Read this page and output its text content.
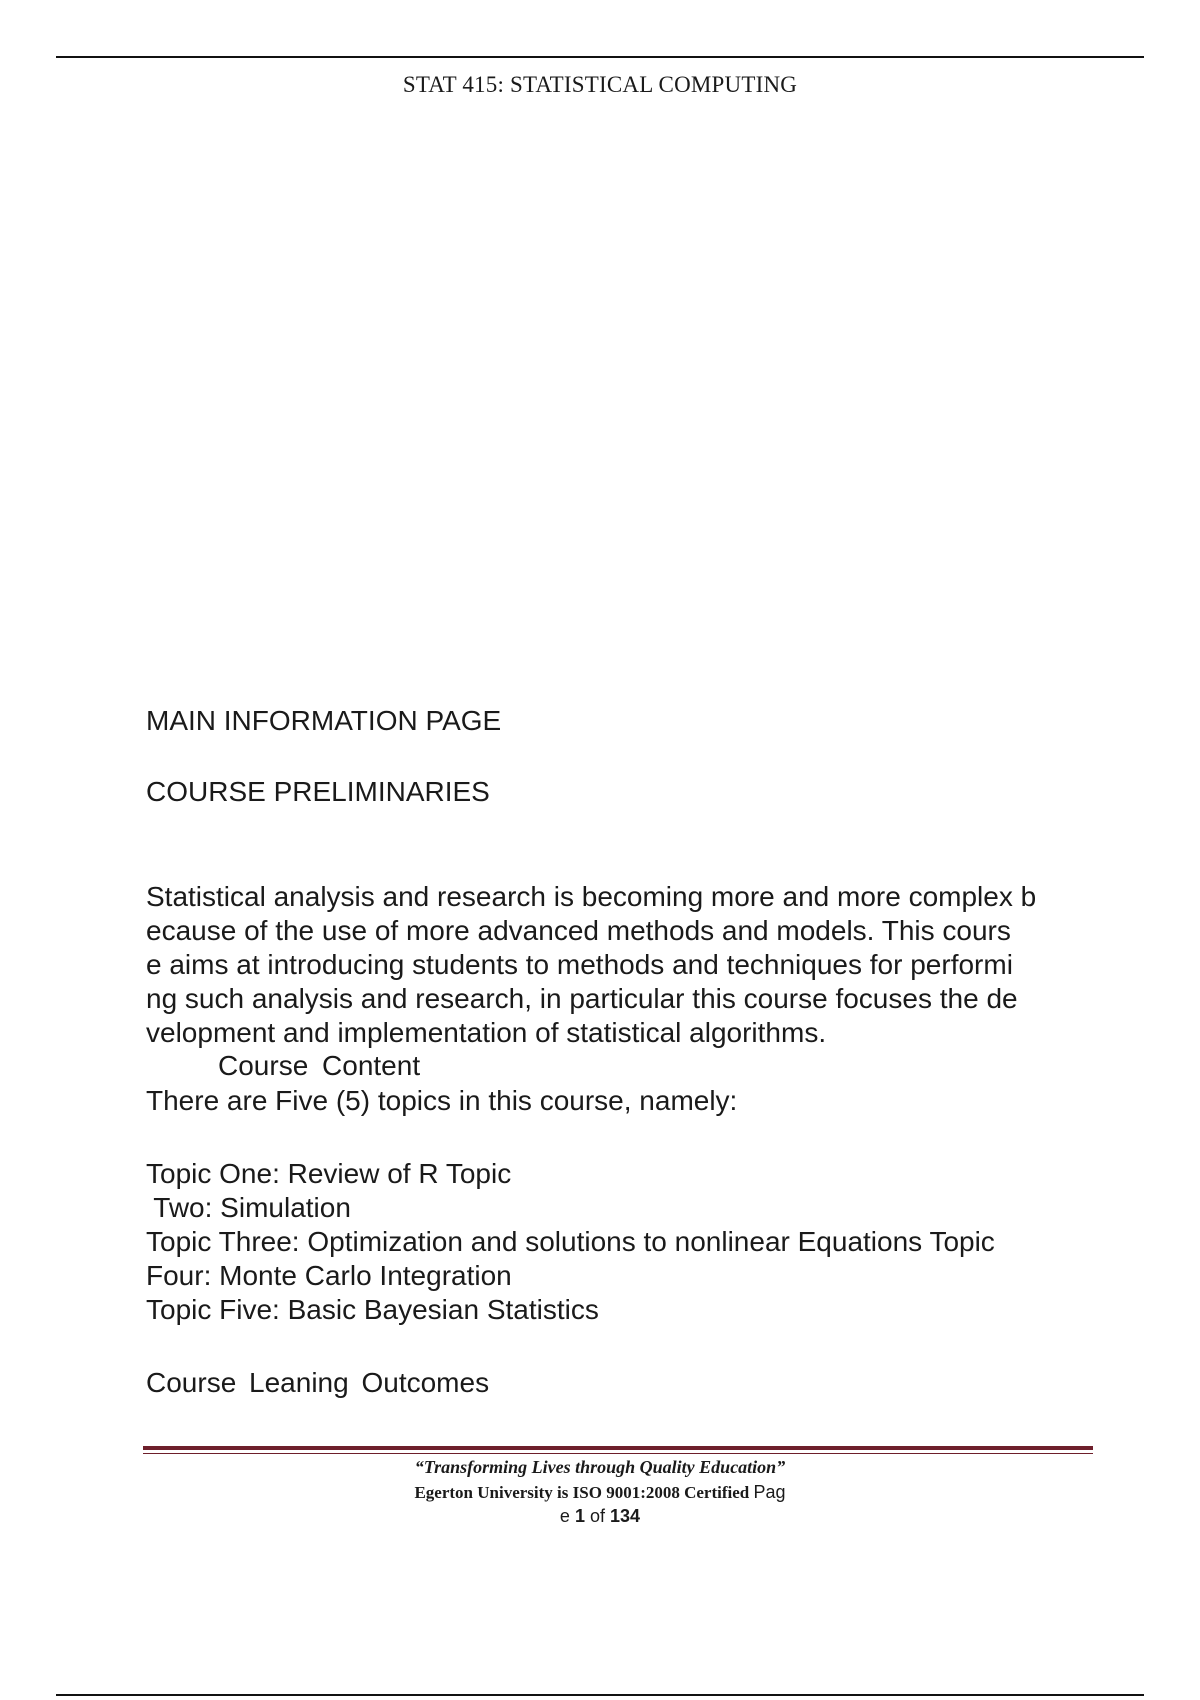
STAT 415: STATISTICAL COMPUTING
MAIN INFORMATION PAGE
COURSE PRELIMINARIES
Statistical analysis and research is becoming more and more complex b
ecause of the use of more advanced methods and models. This cours
e aims at introducing students to methods and techniques for performi
ng such analysis and research, in particular this course focuses the de
velopment and implementation of statistical algorithms.
Course Content
There are Five (5) topics in this course, namely:
Topic One: Review of R Topic
Two: Simulation
Topic Three: Optimization and solutions to nonlinear Equations Topic
Four: Monte Carlo Integration
Topic Five: Basic Bayesian Statistics
Course Leaning Outcomes
“Transforming Lives through Quality Education”
Egerton University is ISO 9001:2008 Certified Pag
e 1 of 134
